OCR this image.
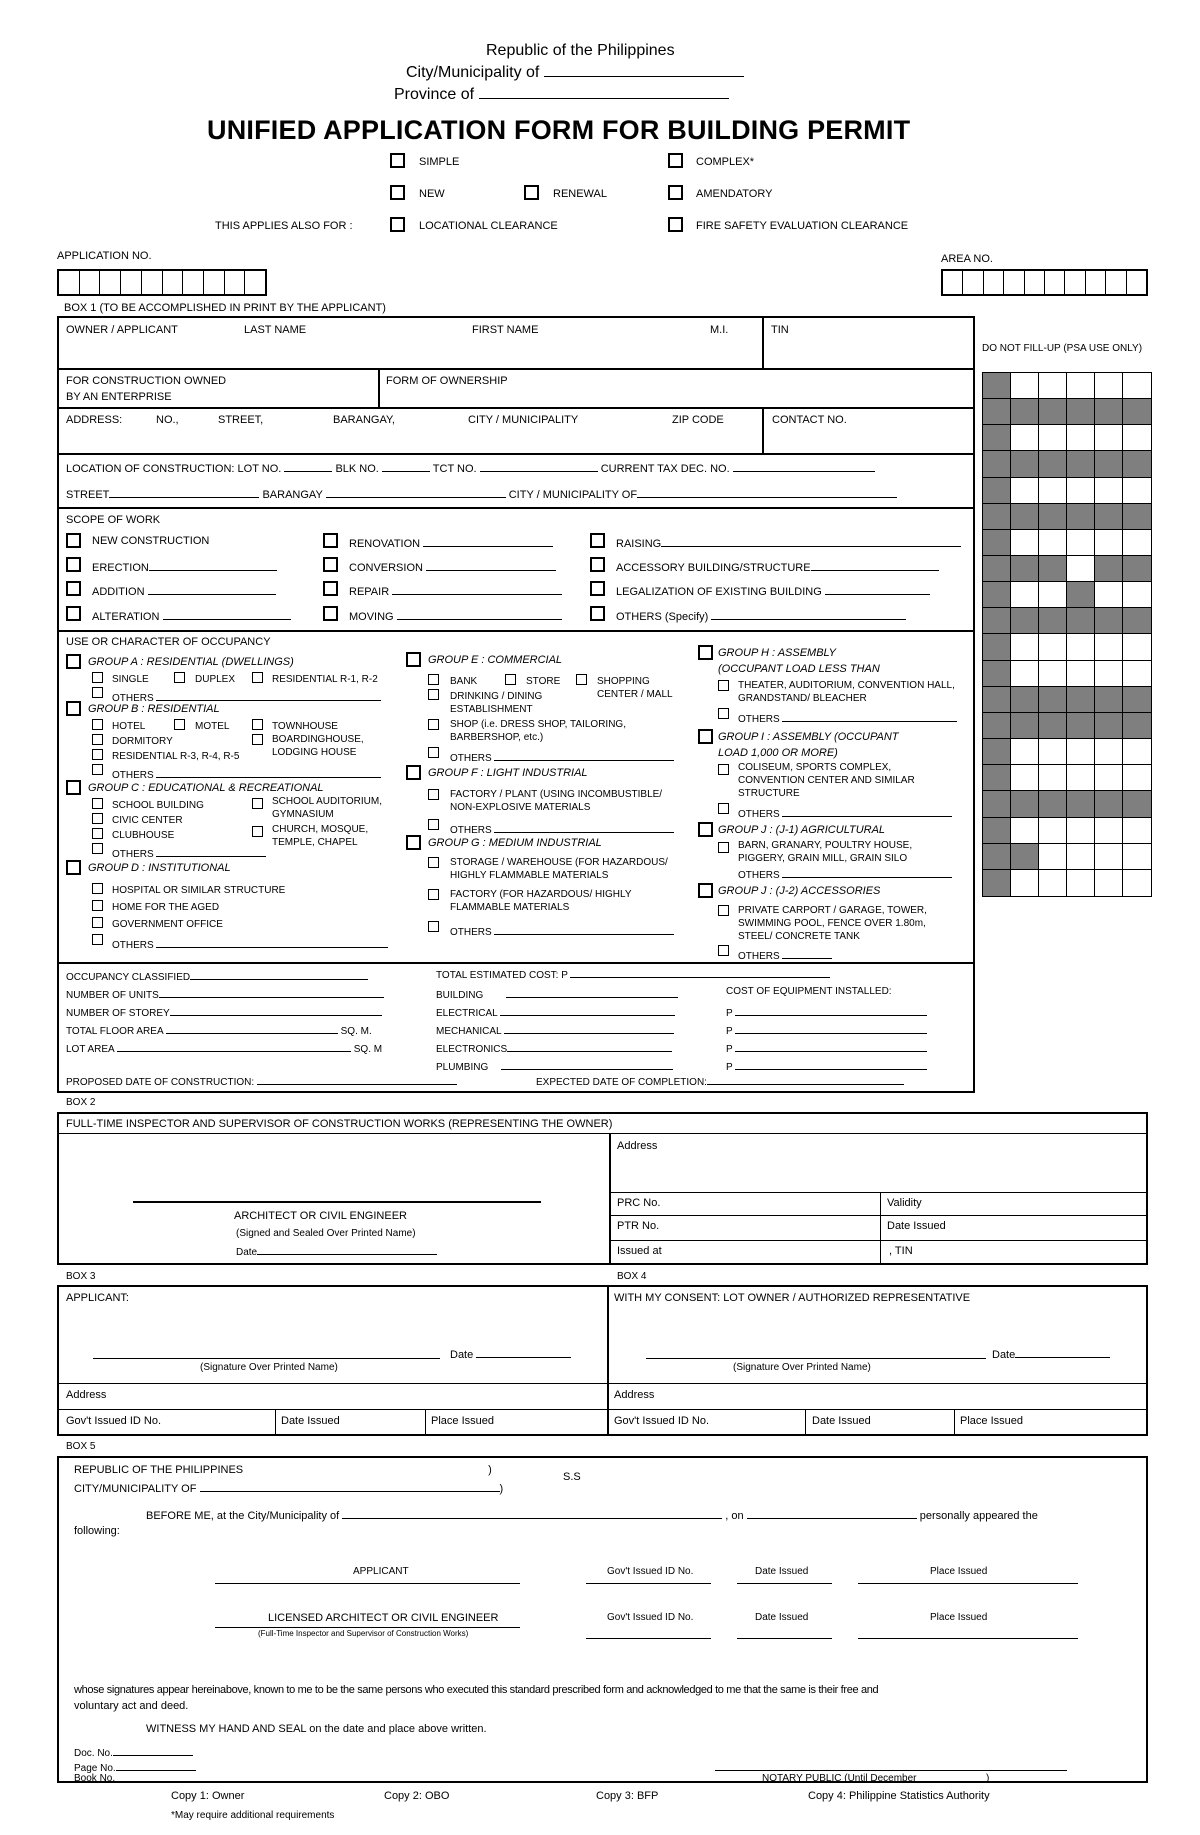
Republic of the Philippines
City/Municipality of
Province of
UNIFIED APPLICATION FORM FOR BUILDING PERMIT
SIMPLE	COMPLEX*
NEW	RENEWAL	AMENDATORY
THIS APPLIES ALSO FOR :	LOCATIONAL CLEARANCE	FIRE SAFETY EVALUATION CLEARANCE
APPLICATION NO.	AREA NO.
DO NOT FILL-UP (PSA USE ONLY)
BOX 1 (TO BE ACCOMPLISHED IN PRINT BY THE APPLICANT)
OWNER / APPLICANT	LAST NAME	FIRST NAME	M.I.	TIN
FOR CONSTRUCTION OWNED
BY AN ENTERPRISE
FORM OF OWNERSHIP
ADDRESS:	NO.,	STREET,	BARANGAY,	CITY / MUNICIPALITY	ZIP CODE	CONTACT NO.
LOCATION OF CONSTRUCTION: LOT NO.	BLK NO.	TCT NO.	CURRENT TAX DEC. NO.
STREET	BARANGAY	CITY / MUNICIPALITY OF
SCOPE OF WORK
NEW CONSTRUCTION
ERECTION
ADDITION
ALTERATION
RENOVATION
CONVERSION
REPAIR
MOVING
RAISING
ACCESSORY BUILDING/STRUCTURE
LEGALIZATION OF EXISTING BUILDING
OTHERS (Specify)
USE OR CHARACTER OF OCCUPANCY
GROUP A : RESIDENTIAL (DWELLINGS)
SINGLE	DUPLEX	RESIDENTIAL R-1, R-2
OTHERS
GROUP B : RESIDENTIAL
HOTEL	MOTEL	TOWNHOUSE
DORMITORY	BOARDINGHOUSE,
LODGING HOUSE
RESIDENTIAL R-3, R-4, R-5
OTHERS
GROUP C : EDUCATIONAL & RECREATIONAL
SCHOOL BUILDING	SCHOOL AUDITORIUM,
GYMNASIUM
CIVIC CENTER
CHURCH, MOSQUE,
TEMPLE, CHAPEL
CLUBHOUSE
OTHERS
GROUP D : INSTITUTIONAL
HOSPITAL OR SIMILAR STRUCTURE
HOME FOR THE AGED
GOVERNMENT OFFICE
OTHERS
GROUP E : COMMERCIAL
BANK	STORE	SHOPPING
CENTER / MALL
DRINKING / DINING
ESTABLISHMENT
SHOP (i.e. DRESS SHOP, TAILORING,
BARBERSHOP, etc.)
OTHERS
GROUP F : LIGHT INDUSTRIAL
FACTORY / PLANT (USING INCOMBUSTIBLE/
NON-EXPLOSIVE MATERIALS
OTHERS
GROUP G : MEDIUM INDUSTRIAL
STORAGE / WAREHOUSE (FOR HAZARDOUS/
HIGHLY FLAMMABLE MATERIALS
FACTORY (FOR HAZARDOUS/ HIGHLY
FLAMMABLE MATERIALS
OTHERS
GROUP H : ASSEMBLY
(OCCUPANT LOAD LESS THAN
THEATER, AUDITORIUM, CONVENTION HALL,
GRANDSTAND/ BLEACHER
OTHERS
GROUP I : ASSEMBLY (OCCUPANT
LOAD 1,000 OR MORE)
COLISEUM, SPORTS COMPLEX,
CONVENTION CENTER AND SIMILAR
STRUCTURE
OTHERS
GROUP J : (J-1) AGRICULTURAL
BARN, GRANARY, POULTRY HOUSE,
PIGGERY, GRAIN MILL, GRAIN SILO
OTHERS
GROUP J : (J-2) ACCESSORIES
PRIVATE CARPORT / GARAGE, TOWER,
SWIMMING POOL, FENCE OVER 1.80m,
STEEL/ CONCRETE TANK
OTHERS
OCCUPANCY CLASSIFIED
NUMBER OF UNITS
NUMBER OF STOREY
TOTAL FLOOR AREA	SQ. M.
LOT AREA	SQ. M
PROPOSED DATE OF CONSTRUCTION:
TOTAL ESTIMATED COST: P
BUILDING
ELECTRICAL
MECHANICAL
ELECTRONICS
PLUMBING
EXPECTED DATE OF COMPLETION:
COST OF EQUIPMENT INSTALLED:
P
P
P
P
BOX 2
FULL-TIME INSPECTOR AND SUPERVISOR OF CONSTRUCTION WORKS (REPRESENTING THE OWNER)
ARCHITECT OR CIVIL ENGINEER
(Signed and Sealed Over Printed Name)
Date
Address
PRC No.	Validity
PTR No.	Date Issued
Issued at	, TIN
BOX 3	BOX 4
APPLICANT:
Date
(Signature Over Printed Name)
Address
Gov't Issued ID No.	Date Issued	Place Issued
WITH MY CONSENT: LOT OWNER / AUTHORIZED REPRESENTATIVE
Date
(Signature Over Printed Name)
Address
Gov't Issued ID No.	Date Issued	Place Issued
BOX 5
REPUBLIC OF THE PHILIPPINES	)
CITY/MUNICIPALITY OF	)
S.S
BEFORE ME, at the City/Municipality of	, on	personally appeared the
following:
APPLICANT	Gov't Issued ID No.	Date Issued	Place Issued
LICENSED ARCHITECT OR CIVIL ENGINEER
(Full-Time Inspector and Supervisor of Construction Works)
Gov't Issued ID No.	Date Issued	Place Issued
whose signatures appear hereinabove, known to me to be the same persons who executed this standard prescribed form and acknowledged to me that the same is their free and
voluntary act and deed.
WITNESS MY HAND AND SEAL on the date and place above written.
Doc. No.
Page No.
Book No.	NOTARY PUBLIC (Until December ____________)
Copy 1: Owner	Copy 2: OBO	Copy 3: BFP	Copy 4: Philippine Statistics Authority
*May require additional requirements
